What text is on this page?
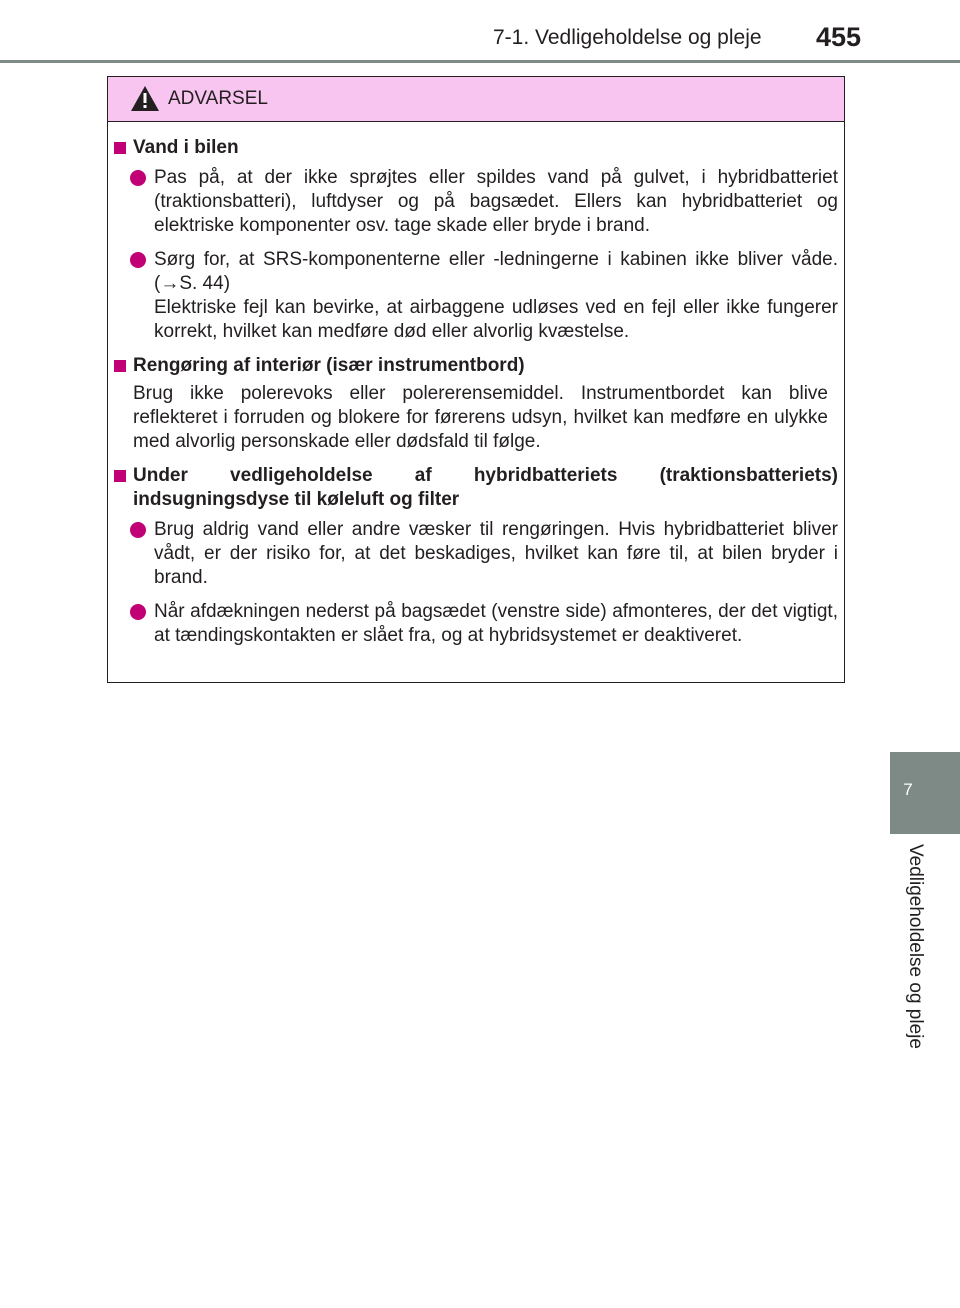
7-1. Vedligeholdelse og pleje 455
7
Vedligeholdelse og pleje
ADVARSEL
Vand i bilen
Pas på, at der ikke sprøjtes eller spildes vand på gulvet, i hybridbatteriet (traktionsbatteri), luftdyser og på bagsædet. Ellers kan hybridbatteriet og elektriske komponenter osv. tage skade eller bryde i brand.
Sørg for, at SRS-komponenterne eller -ledningerne i kabinen ikke bliver våde. (→S. 44)
Elektriske fejl kan bevirke, at airbaggene udløses ved en fejl eller ikke fungerer korrekt, hvilket kan medføre død eller alvorlig kvæstelse.
Rengøring af interiør (især instrumentbord)
Brug ikke polerevoks eller polererensemiddel. Instrumentbordet kan blive reflekteret i forruden og blokere for førerens udsyn, hvilket kan medføre en ulykke med alvorlig personskade eller dødsfald til følge.
Under vedligeholdelse af hybridbatteriets (traktionsbatteriets) indsugningsdyse til køleluft og filter
Brug aldrig vand eller andre væsker til rengøringen. Hvis hybridbatteriet bliver vådt, er der risiko for, at det beskadiges, hvilket kan føre til, at bilen bryder i brand.
Når afdækningen nederst på bagsædet (venstre side) afmonteres, der det vigtigt, at tændingskontakten er slået fra, og at hybridsystemet er deaktiveret.
